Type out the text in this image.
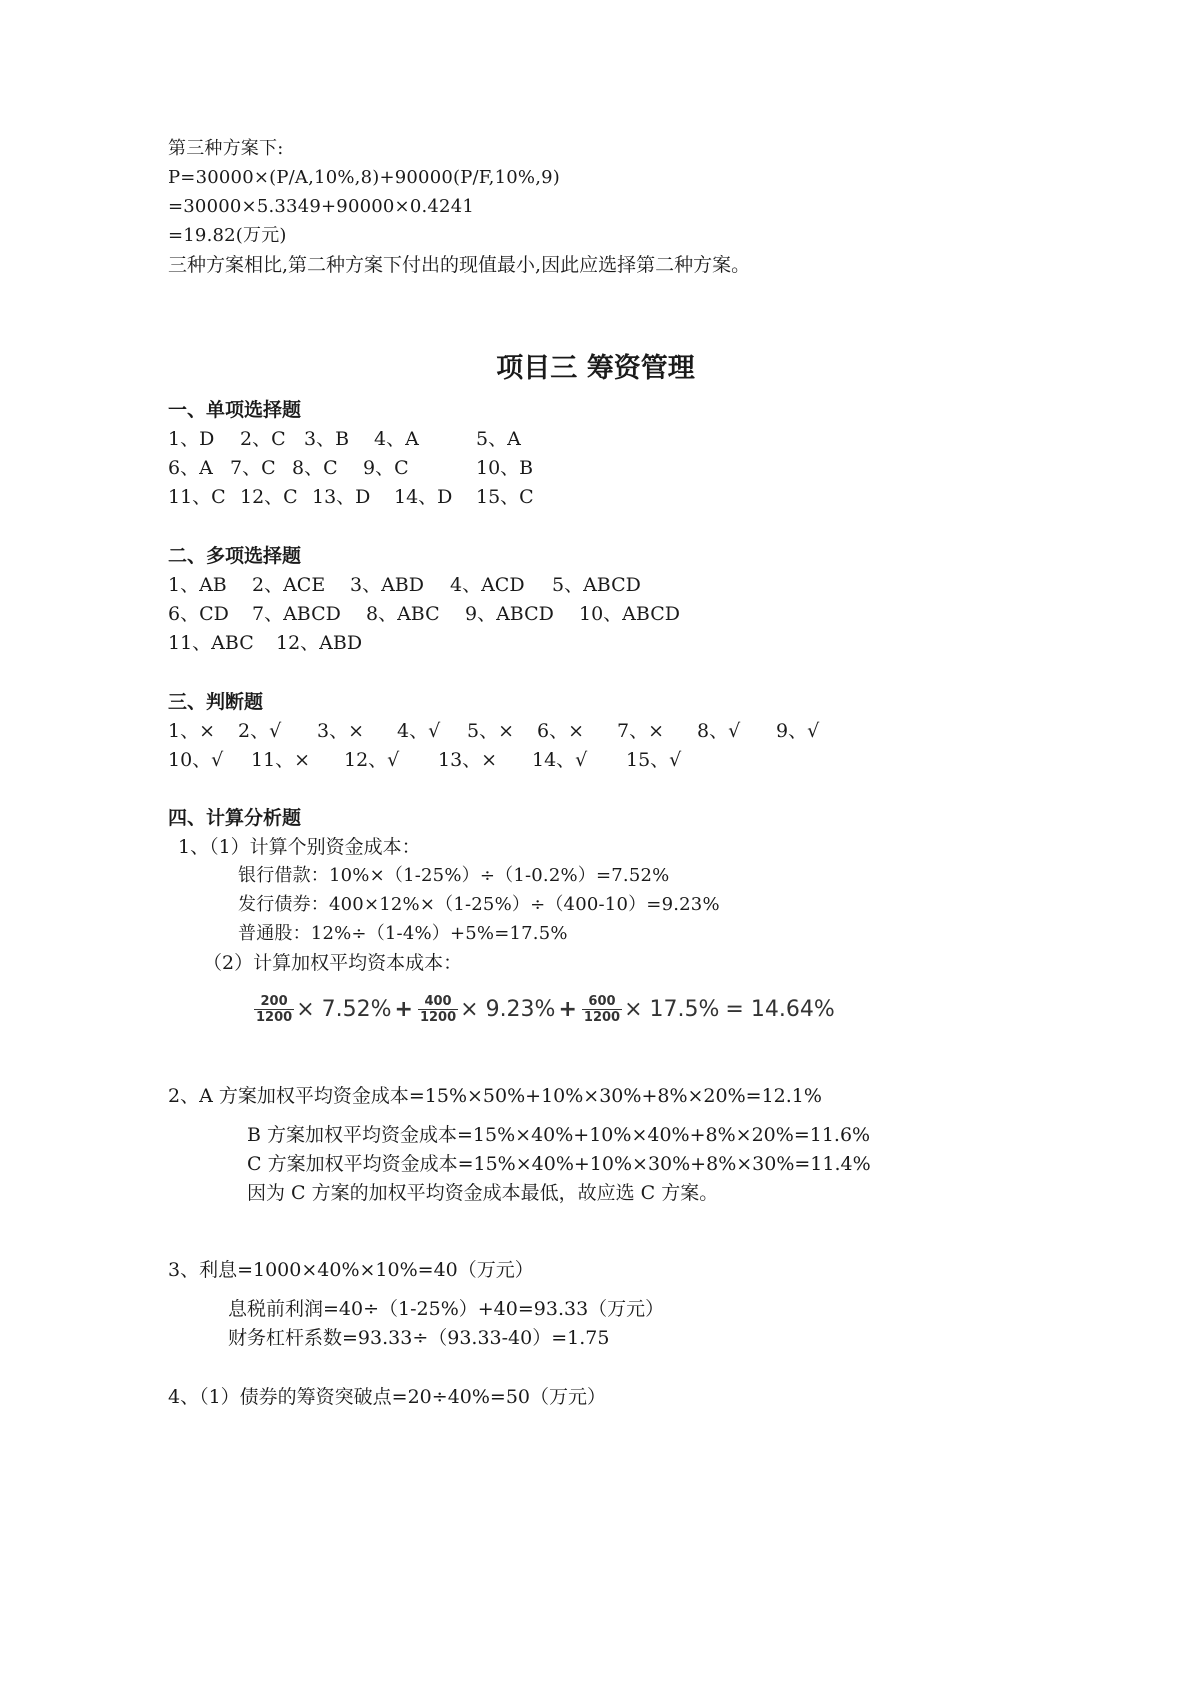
第三种方案下:
P=30000×(P/A,10%,8)+90000(P/F,10%,9)
=30000×5.3349+90000×0.4241
=19.82(万元)
三种方案相比,第二种方案下付出的现值最小,因此应选择第二种方案。
项目三 筹资管理
一、单项选择题
1、D 2、C 3、B 4、A	5、A
6、A 7、C 8、C 9、C	10、B
11、C 12、C 13、D 14、D 15、C
二、多项选择题
1、AB 2、ACE 3、ABD 4、ACD 5、ABCD
6、CD 7、ABCD 8、ABC 9、ABCD 10、ABCD
11、ABC 12、ABD
三、判断题
1、× 2、√ 3、× 4、√ 5、× 6、× 7、× 8、√ 9、√
10、√ 11、× 12、√ 13、× 14、√ 15、√
四、计算分析题
1、（1）计算个别资金成本：
银行借款：10%×（1-25%）÷（1-0.2%）=7.52%
发行债券：400×12%×（1-25%）÷（400-10）=9.23%
普通股：12%÷（1-4%）+5%=17.5%
（2）计算加权平均资本成本：
$\frac{200}{1200} \times 7.52\% + \frac{400}{1200} \times 9.23\% + \frac{600}{1200} \times 17.5\% = 14.64\%$
2、A 方案加权平均资金成本=15%×50%+10%×30%+8%×20%=12.1%
B 方案加权平均资金成本=15%×40%+10%×40%+8%×20%=11.6%
C 方案加权平均资金成本=15%×40%+10%×30%+8%×30%=11.4%
因为 C 方案的加权平均资金成本最低，故应选 C 方案。
3、利息=1000×40%×10%=40（万元）
息税前利润=40÷（1-25%）+40=93.33（万元）
财务杠杆系数=93.33÷（93.33-40）=1.75
4、（1）债券的筹资突破点=20÷40%=50（万元）
